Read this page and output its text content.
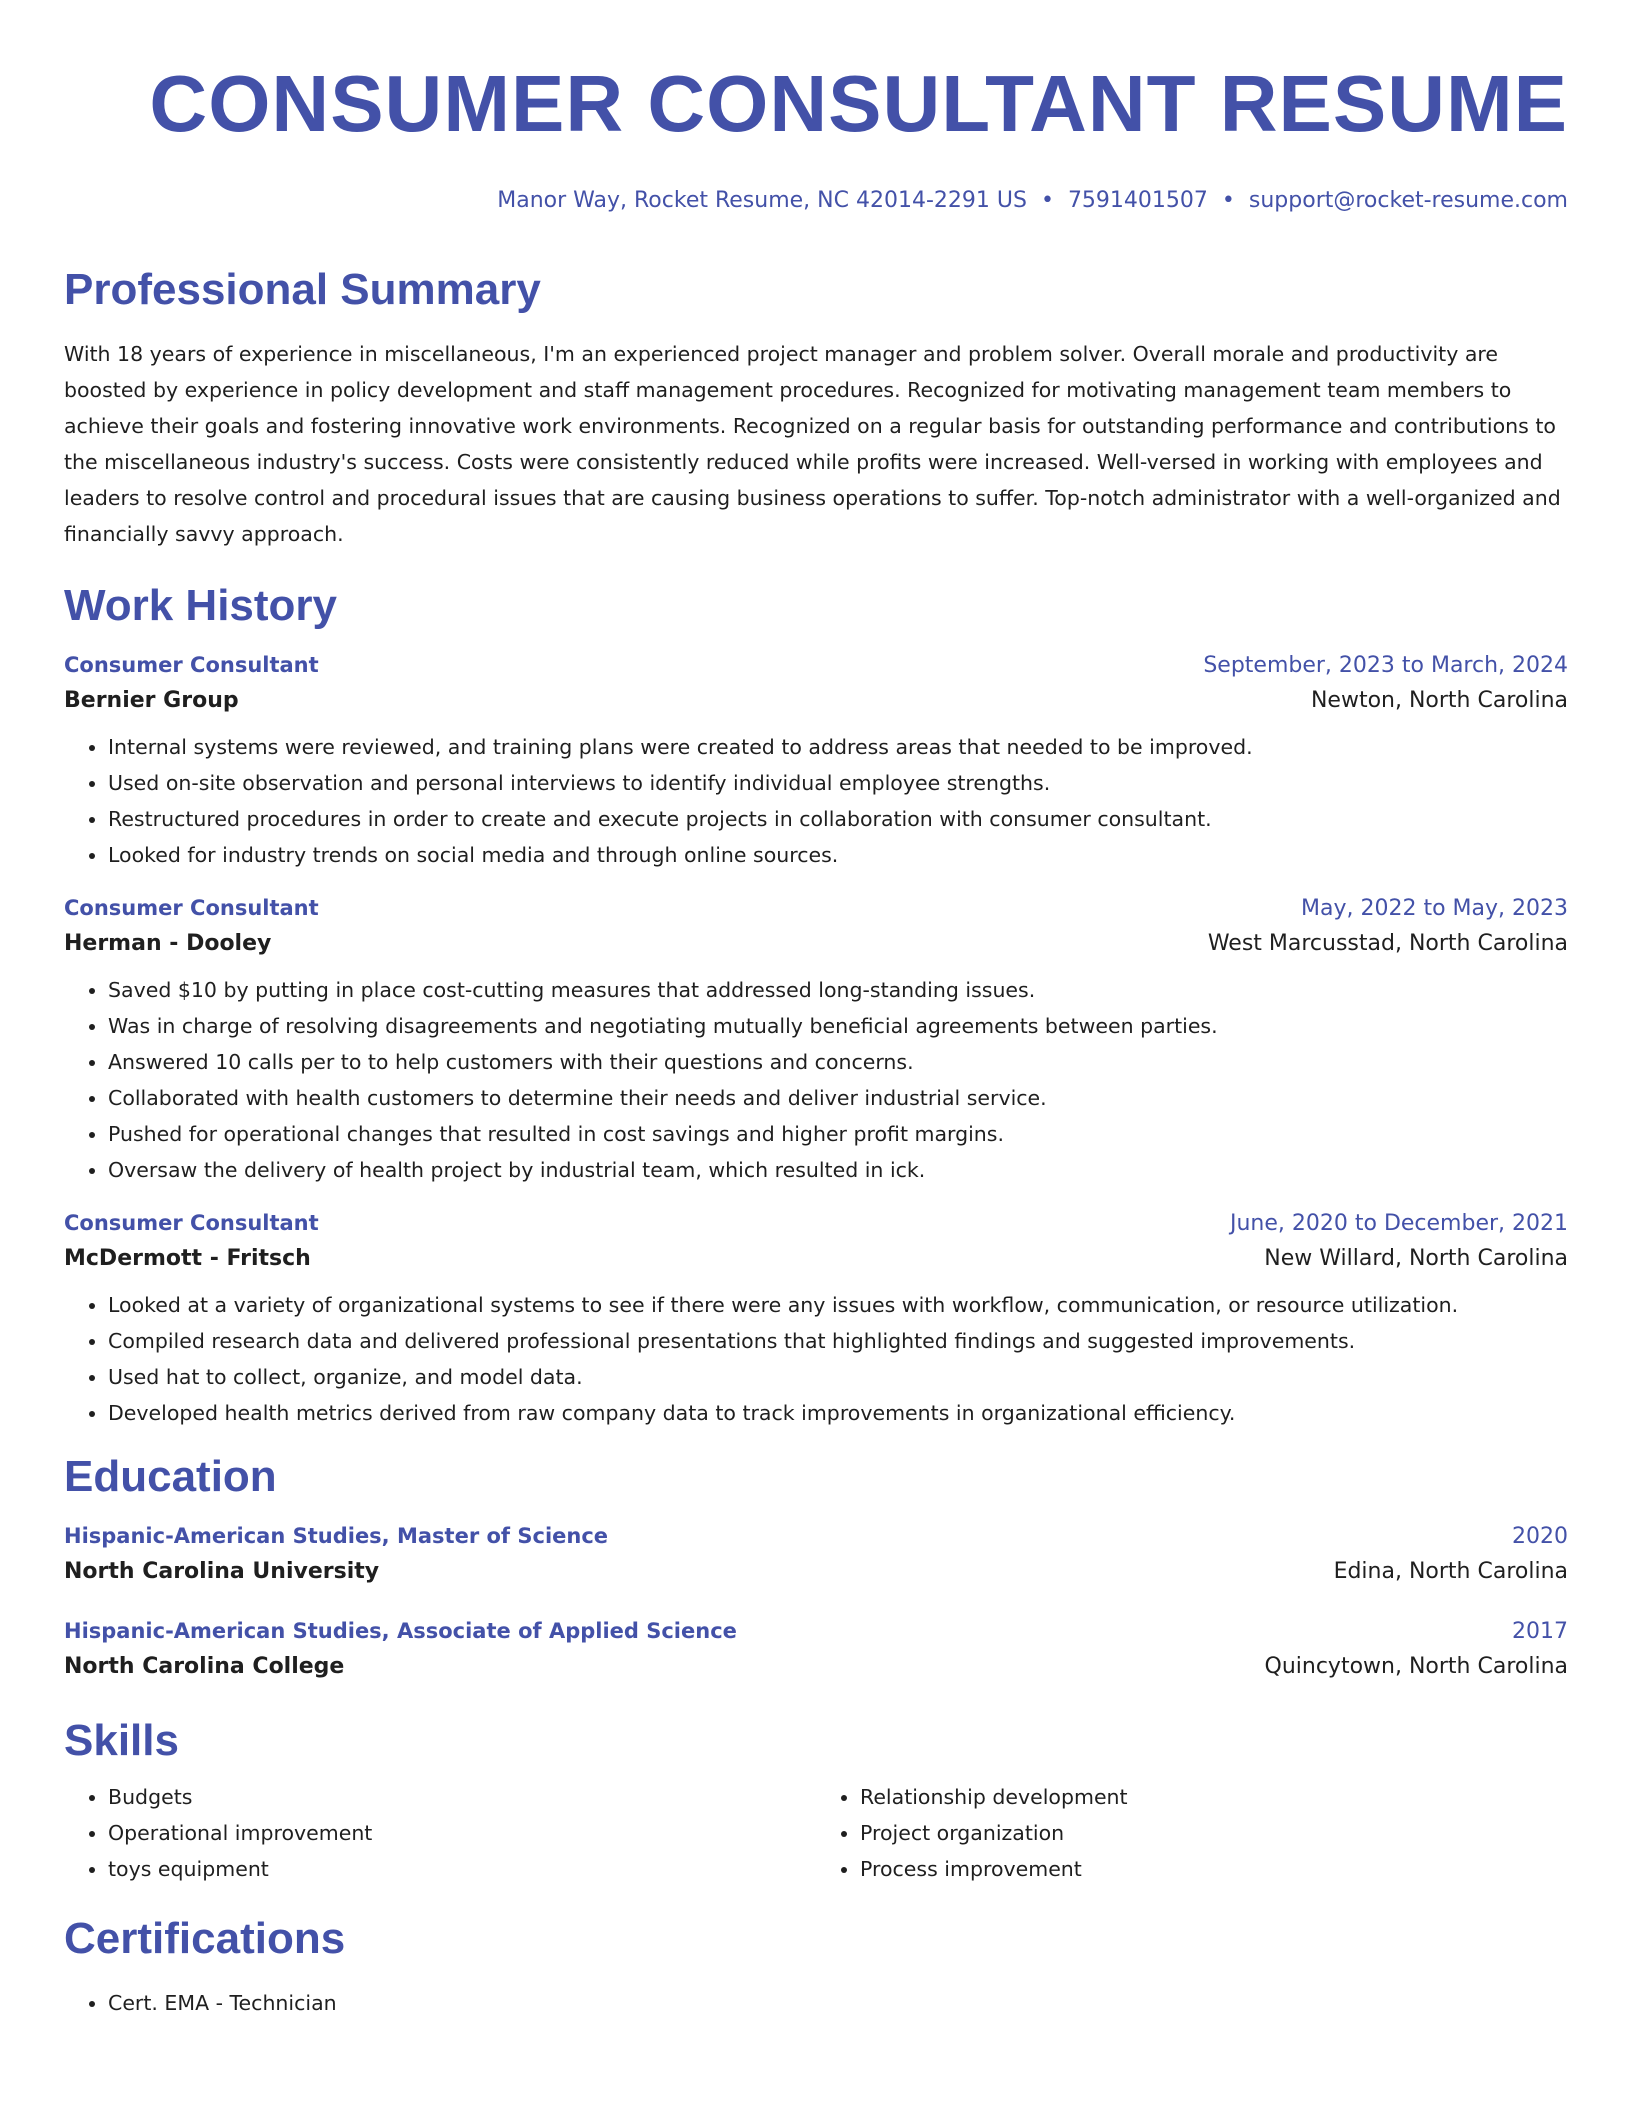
CONSUMER CONSULTANT RESUME
Manor Way, Rocket Resume, NC 42014-2291 US • 7591401507 • support@rocket-resume.com
Professional Summary
With 18 years of experience in miscellaneous, I'm an experienced project manager and problem solver. Overall morale and productivity are boosted by experience in policy development and staff management procedures. Recognized for motivating management team members to achieve their goals and fostering innovative work environments. Recognized on a regular basis for outstanding performance and contributions to the miscellaneous industry's success. Costs were consistently reduced while profits were increased. Well-versed in working with employees and leaders to resolve control and procedural issues that are causing business operations to suffer. Top-notch administrator with a well-organized and financially savvy approach.
Work History
Consumer Consultant	September, 2023 to March, 2024
Bernier Group	Newton, North Carolina
• Internal systems were reviewed, and training plans were created to address areas that needed to be improved.
• Used on-site observation and personal interviews to identify individual employee strengths.
• Restructured procedures in order to create and execute projects in collaboration with consumer consultant.
• Looked for industry trends on social media and through online sources.
Consumer Consultant	May, 2022 to May, 2023
Herman - Dooley	West Marcusstad, North Carolina
• Saved $10 by putting in place cost-cutting measures that addressed long-standing issues.
• Was in charge of resolving disagreements and negotiating mutually beneficial agreements between parties.
• Answered 10 calls per to to help customers with their questions and concerns.
• Collaborated with health customers to determine their needs and deliver industrial service.
• Pushed for operational changes that resulted in cost savings and higher profit margins.
• Oversaw the delivery of health project by industrial team, which resulted in ick.
Consumer Consultant	June, 2020 to December, 2021
McDermott - Fritsch	New Willard, North Carolina
• Looked at a variety of organizational systems to see if there were any issues with workflow, communication, or resource utilization.
• Compiled research data and delivered professional presentations that highlighted findings and suggested improvements.
• Used hat to collect, organize, and model data.
• Developed health metrics derived from raw company data to track improvements in organizational efficiency.
Education
Hispanic-American Studies, Master of Science	2020
North Carolina University	Edina, North Carolina
Hispanic-American Studies, Associate of Applied Science	2017
North Carolina College	Quincytown, North Carolina
Skills
• Budgets
• Operational improvement
• toys equipment
• Relationship development
• Project organization
• Process improvement
Certifications
• Cert. EMA - Technician
